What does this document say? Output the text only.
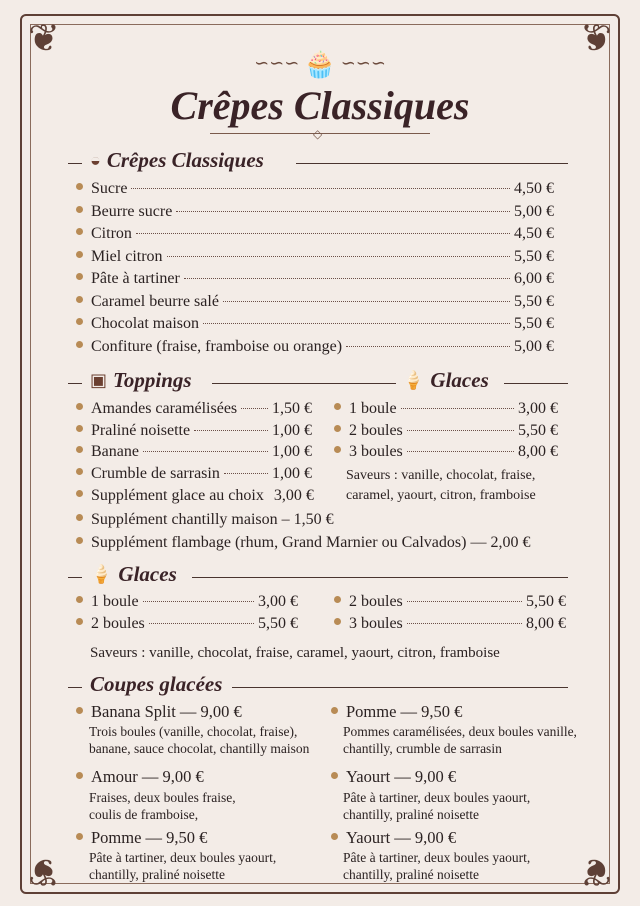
❦	❦
❦	❦
∽∽∽ 🧁 ∽∽∽
Crêpes Classiques
◇
◒ Crêpes Classiques
Sucre	4,50 €
Beurre sucre	5,00 €
Citron	4,50 €
Miel citron	5,50 €
Pâte à tartiner	6,00 €
Caramel beurre salé	5,50 €
Chocolat maison	5,50 €
Confiture (fraise, framboise ou orange)	5,00 €
▣ Toppings	🍦 Glaces
Amandes caramélisées 1,50 €
Praliné noisette	1,00 €
Banane	1,00 €
Crumble de sarrasin	1,00 €
Supplément glace au choix 3,00 €
Supplément chantilly maison – 1,50 €
Supplément flambage (rhum, Grand Marnier ou Calvados) — 2,00 €
1 boule	3,00 €
2 boules	5,50 €
3 boules	8,00 €
Saveurs : vanille, chocolat, fraise,
caramel, yaourt, citron, framboise
🍦 Glaces
1 boule	3,00 €
2 boules	5,50 €
2 boules	5,50 €
3 boules	8,00 €
Saveurs : vanille, chocolat, fraise, caramel, yaourt, citron, framboise
Coupes glacées
Banana Split — 9,00 €
Trois boules (vanille, chocolat, fraise),
banane, sauce chocolat, chantilly maison
Pomme — 9,50 €
Pommes caramélisées, deux boules vanille,
chantilly, crumble de sarrasin
Amour — 9,00 €
Fraises, deux boules fraise,
coulis de framboise,
Yaourt — 9,00 €
Pâte à tartiner, deux boules yaourt,
chantilly, praliné noisette
Pomme — 9,50 €
Pâte à tartiner, deux boules yaourt,
chantilly, praliné noisette
Yaourt — 9,00 €
Pâte à tartiner, deux boules yaourt,
chantilly, praliné noisette
